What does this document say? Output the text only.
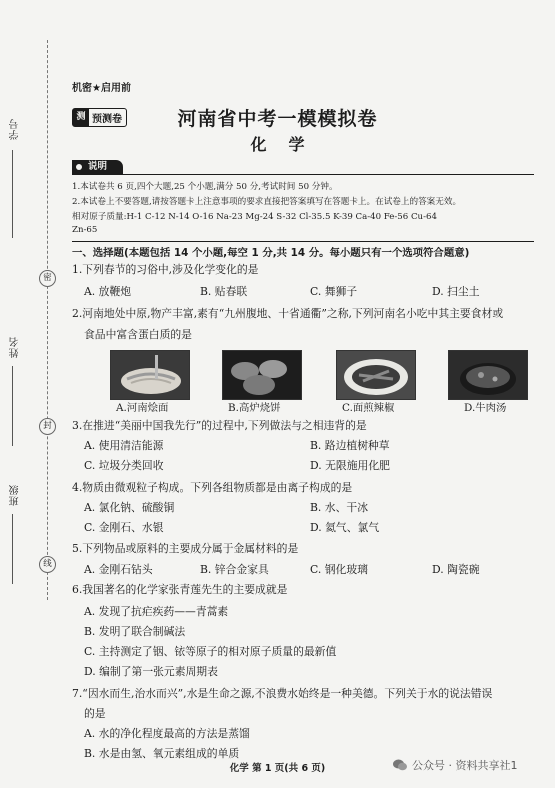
学号
姓名
班级
密
封
线
机密★启用前
测 预测卷	河南省中考一模模拟卷
化学
说明
1.本试卷共 6 页,四个大题,25 个小题,满分 50 分,考试时间 50 分钟。
2.本试卷上不要答题,请按答题卡上注意事项的要求直接把答案填写在答题卡上。在试卷上的答案无效。
相对原子质量:H-1 C-12 N-14 O-16 Na-23 Mg-24 S-32 Cl-35.5 K-39 Ca-40 Fe-56 Cu-64
Zn-65
一、选择题(本题包括 14 个小题,每空 1 分,共 14 分。每小题只有一个选项符合题意)
1.下列春节的习俗中,涉及化学变化的是
A. 放鞭炮	B. 贴春联	C. 舞狮子	D. 扫尘土
2.河南地处中原,物产丰富,素有“九州腹地、十省通衢”之称,下列河南名小吃中其主要食材或
食品中富含蛋白质的是
A.河南烩面	B.高炉烧饼	C.面煎辣椒	D.牛肉汤
3.在推进“美丽中国我先行”的过程中,下列做法与之相违背的是
A. 使用清洁能源	B. 路边植树种草
C. 垃圾分类回收	D. 无限施用化肥
4.物质由微观粒子构成。下列各组物质都是由离子构成的是
A. 氯化钠、硫酸铜	B. 水、干冰
C. 金刚石、水银	D. 氦气、氯气
5.下列物品或原料的主要成分属于金属材料的是
A. 金刚石钻头	B. 锌合金家具	C. 钢化玻璃	D. 陶瓷碗
6.我国著名的化学家张青莲先生的主要成就是
A. 发现了抗疟疾药——青蒿素
B. 发明了联合制碱法
C. 主持测定了铟、铱等原子的相对原子质量的最新值
D. 编制了第一张元素周期表
7.“因水而生,治水而兴”,水是生命之源,不浪费水始终是一种美德。下列关于水的说法错误
的是
A. 水的净化程度最高的方法是蒸馏
B. 水是由氢、氧元素组成的单质
化学 第 1 页(共 6 页)	公众号 · 资料共享社1
